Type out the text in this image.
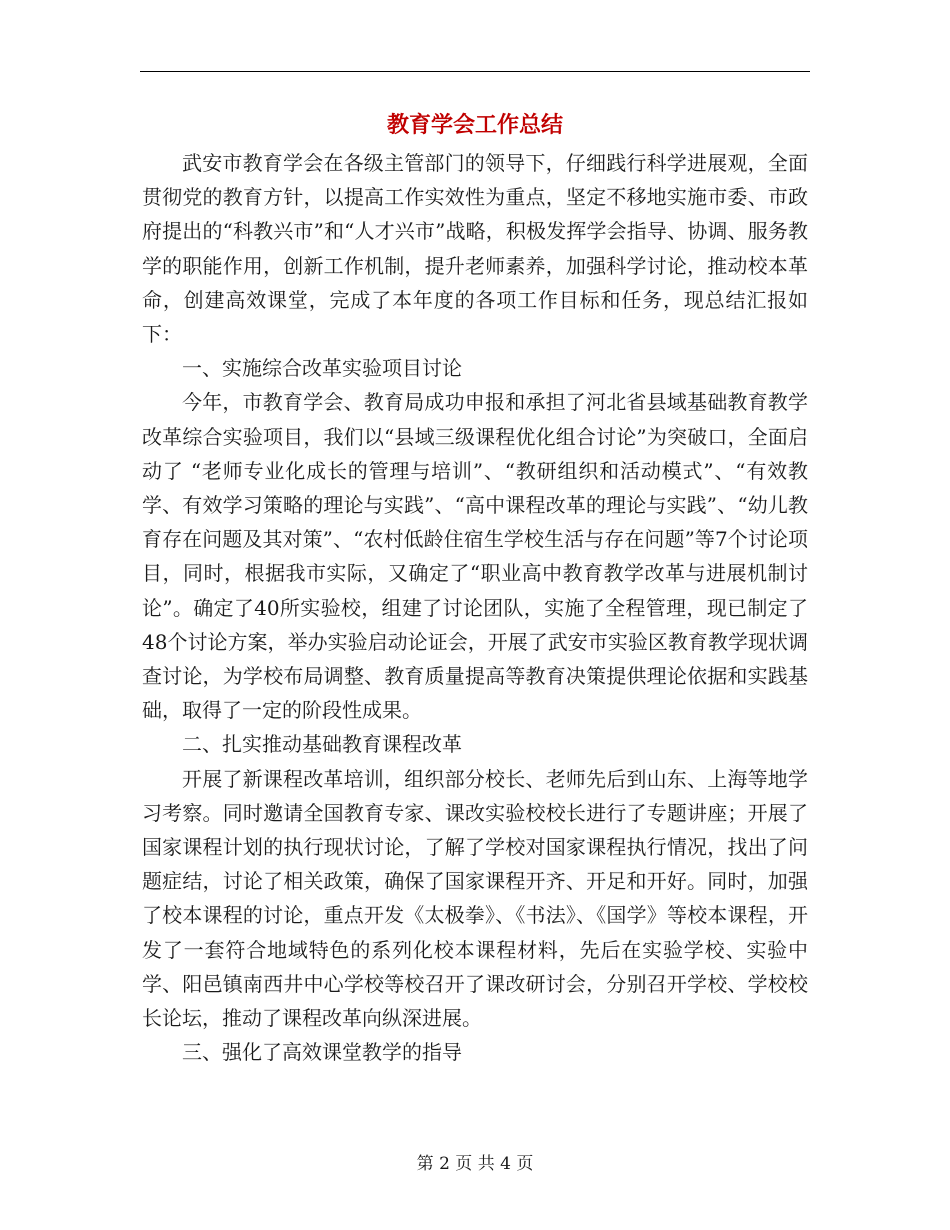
教育学会工作总结

武安市教育学会在各级主管部门的领导下，仔细践行科学进展观，全面贯彻党的教育方针，以提高工作实效性为重点，坚定不移地实施市委、市政府提出的“科教兴市”和“人才兴市”战略，积极发挥学会指导、协调、服务教学的职能作用，创新工作机制，提升老师素养，加强科学讨论，推动校本革命，创建高效课堂，完成了本年度的各项工作目标和任务，现总结汇报如下：

一、实施综合改革实验项目讨论

今年，市教育学会、教育局成功申报和承担了河北省县域基础教育教学改革综合实验项目，我们以“县域三级课程优化组合讨论”为突破口，全面启动了 “老师专业化成长的管理与培训”、“教研组织和活动模式”、“有效教学、有效学习策略的理论与实践”、“高中课程改革的理论与实践”、“幼儿教育存在问题及其对策”、“农村低龄住宿生学校生活与存在问题”等7个讨论项目，同时，根据我市实际，又确定了“职业高中教育教学改革与进展机制讨论”。确定了40所实验校，组建了讨论团队，实施了全程管理，现已制定了48个讨论方案，举办实验启动论证会，开展了武安市实验区教育教学现状调查讨论，为学校布局调整、教育质量提高等教育决策提供理论依据和实践基础，取得了一定的阶段性成果。

二、扎实推动基础教育课程改革

开展了新课程改革培训，组织部分校长、老师先后到山东、上海等地学习考察。同时邀请全国教育专家、课改实验校校长进行了专题讲座；开展了国家课程计划的执行现状讨论，了解了学校对国家课程执行情况，找出了问题症结，讨论了相关政策，确保了国家课程开齐、开足和开好。同时，加强了校本课程的讨论，重点开发《太极拳》、《书法》、《国学》等校本课程，开发了一套符合地域特色的系列化校本课程材料，先后在实验学校、实验中学、阳邑镇南西井中心学校等校召开了课改研讨会，分别召开学校、学校校长论坛，推动了课程改革向纵深进展。

三、强化了高效课堂教学的指导

第 2 页 共 4 页
